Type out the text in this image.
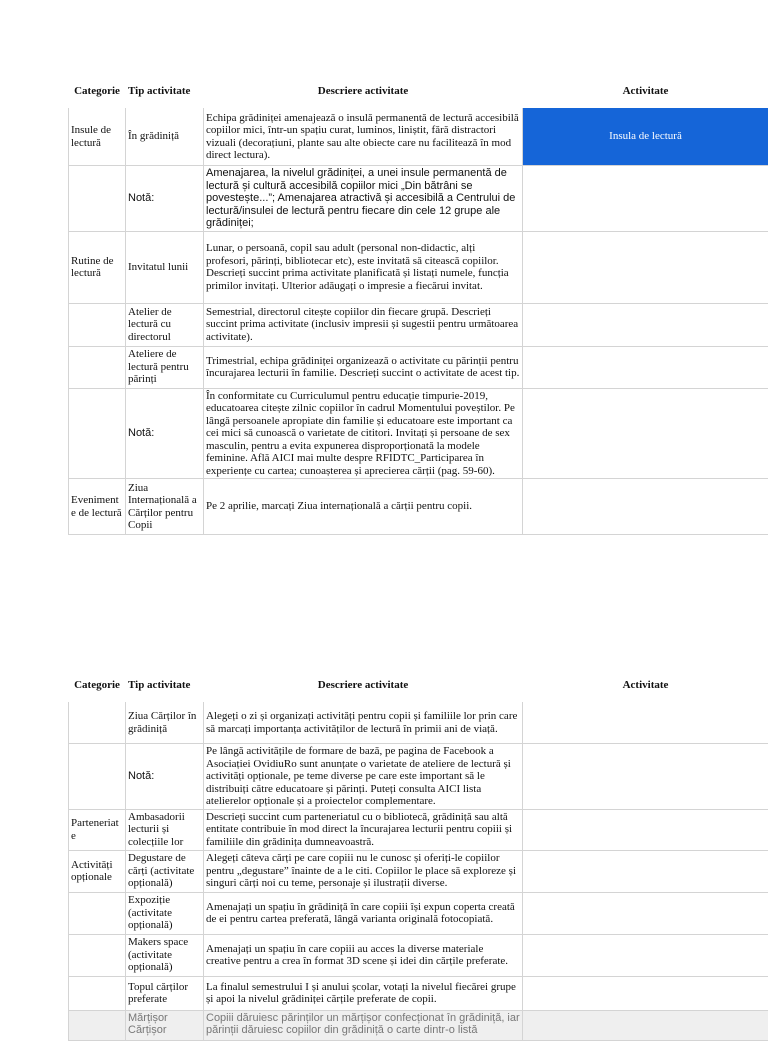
Categorie	Tip activitate	Descriere activitate	Activitate
Insule de lectură	În grădiniță	Echipa grădiniței amenajează o insulă permanentă de lectură accesibilă copiilor mici, într-un spațiu curat, luminos, liniștit, fără distractori vizuali (decorațiuni, plante sau alte obiecte care nu facilitează în mod direct lectura).	Insula de lectură
	Notă:	Amenajarea, la nivelul grădiniței, a unei insule permanentă de lectură și cultură accesibilă copiilor mici „Din bătrâni se povestește...”; Amenajarea atractivă și accesibilă a Centrului de lectură/insulei de lectură pentru fiecare din cele 12 grupe ale grădiniței;	
Rutine de lectură	Invitatul lunii	Lunar, o persoană, copil sau adult (personal non-didactic, alți profesori, părinți, bibliotecar etc), este invitată să citească copiilor. Descrieți succint prima activitate planificată și listați numele, funcția primilor invitați. Ulterior adăugați o impresie a fiecărui invitat.	
	Atelier de lectură cu directorul	Semestrial, directorul citește copiilor din fiecare grupă. Descrieți succint prima activitate (inclusiv impresii și sugestii pentru următoarea activitate).	
	Ateliere de lectură pentru părinți	Trimestrial, echipa grădiniței organizează o activitate cu părinții pentru încurajarea lecturii în familie. Descrieți succint o activitate de acest tip.	
	Notă:	În conformitate cu Curriculumul pentru educație timpurie-2019, educatoarea citește zilnic copiilor în cadrul Momentului poveștilor. Pe lângă persoanele apropiate din familie și educatoare este important ca cei mici să cunoască o varietate de cititori. Invitați și persoane de sex masculin, pentru a evita expunerea disproporționată la modele feminine. Află AICI mai multe despre RFIDTC_Participarea în experiențe cu cartea; cunoașterea și aprecierea cărții (pag. 59-60).	
Evenimente de lectură	Ziua Internațională a Cărților pentru Copii	Pe 2 aprilie, marcați Ziua internațională a cărții pentru copii.	
Categorie	Tip activitate	Descriere activitate	Activitate
	Ziua Cărților în grădiniță	Alegeți o zi și organizați activități pentru copii și familiile lor prin care să marcați importanța activităților de lectură în primii ani de viață.	
	Notă:	Pe lângă activitățile de formare de bază, pe pagina de Facebook a Asociației OvidiuRo sunt anunțate o varietate de ateliere de lectură și activități opționale, pe teme diverse pe care este important să le distribuiți către educatoare și părinți. Puteți consulta AICI lista atelierelor opționale și a proiectelor complementare.	
Parteneriate	Ambasadorii lecturii și colecțiile lor	Descrieți succint cum parteneriatul cu o bibliotecă, grădiniță sau altă entitate contribuie în mod direct la încurajarea lecturii pentru copiii și familiile din grădinița dumneavoastră.	
Activități opționale	Degustare de cărți (activitate opțională)	Alegeți câteva cărți pe care copiii nu le cunosc și oferiți-le copiilor pentru „degustare” înainte de a le citi. Copiilor le place să exploreze și singuri cărți noi cu teme, personaje și ilustrații diverse.	
	Expoziție (activitate opțională)	Amenajați un spațiu în grădiniță în care copiii își expun coperta creată de ei pentru cartea preferată, lângă varianta originală fotocopiată.	
	Makers space (activitate opțională)	Amenajați un spațiu în care copiii au acces la diverse materiale creative pentru a crea în format 3D scene și idei din cărțile preferate.	
	Topul cărților preferate	La finalul semestrului I și anului școlar, votați la nivelul fiecărei grupe și apoi la nivelul grădiniței cărțile preferate de copii.	
	Mărțișor Cărțișor	Copiii dăruiesc părinților un mărțișor confecționat în grădiniță, iar părinții dăruiesc copiilor din grădiniță o carte dintr-o listă	
